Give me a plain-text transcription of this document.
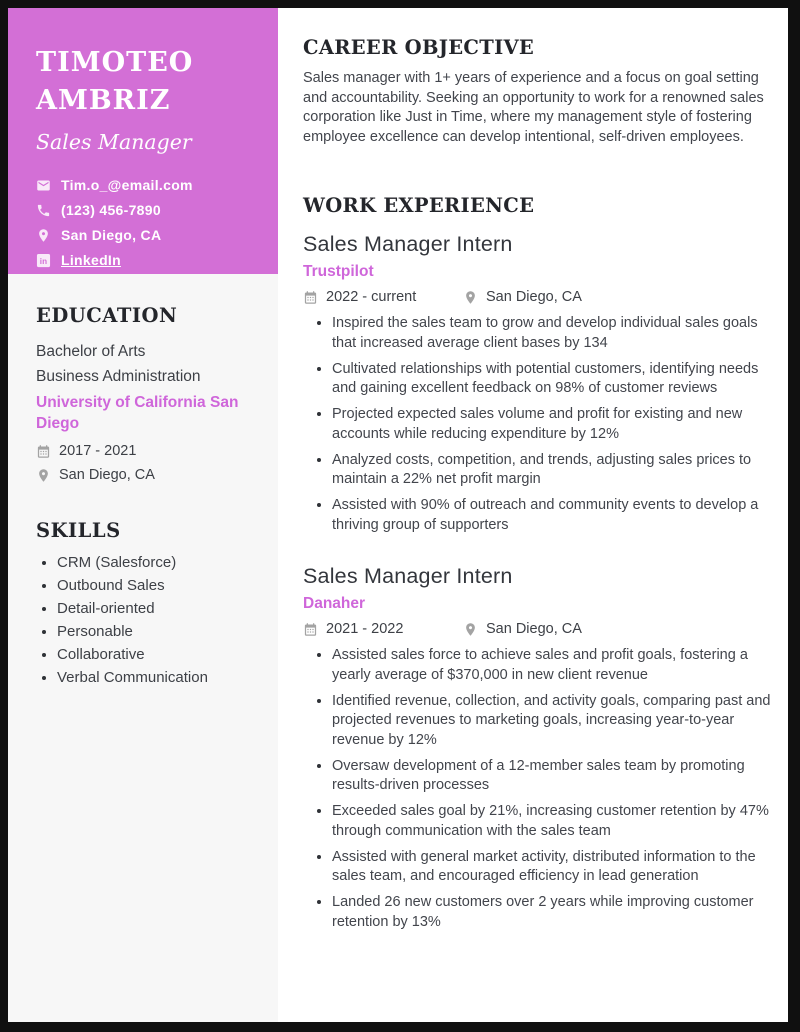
TIMOTEO
AMBRIZ
Sales Manager
Tim.o_@email.com
(123) 456-7890
San Diego, CA
in LinkedIn
EDUCATION
Bachelor of Arts
Business Administration
University of California San Diego
2017 - 2021
San Diego, CA
SKILLS
• CRM (Salesforce)
• Outbound Sales
• Detail-oriented
• Personable
• Collaborative
• Verbal Communication
CAREER OBJECTIVE

Sales manager with 1+ years of experience and a focus on goal setting and accountability. Seeking an opportunity to work for a renowned sales corporation like Just in Time, where my management style of fostering employee excellence can develop intentional, self-driven employees.

WORK EXPERIENCE
Sales Manager Intern
Trustpilot
2022 - current	San Diego, CA
• Inspired the sales team to grow and develop individual sales goals that increased average client bases by 134
• Cultivated relationships with potential customers, identifying needs and gaining excellent feedback on 98% of customer reviews
• Projected expected sales volume and profit for existing and new accounts while reducing expenditure by 12%
• Analyzed costs, competition, and trends, adjusting sales prices to maintain a 22% net profit margin
• Assisted with 90% of outreach and community events to develop a thriving group of supporters
Sales Manager Intern
Danaher
2021 - 2022	San Diego, CA
• Assisted sales force to achieve sales and profit goals, fostering a yearly average of $370,000 in new client revenue
• Identified revenue, collection, and activity goals, comparing past and projected revenues to marketing goals, increasing year-to-year revenue by 12%
• Oversaw development of a 12-member sales team by promoting results-driven processes
• Exceeded sales goal by 21%, increasing customer retention by 47% through communication with the sales team
• Assisted with general market activity, distributed information to the sales team, and encouraged efficiency in lead generation
• Landed 26 new customers over 2 years while improving customer retention by 13%
